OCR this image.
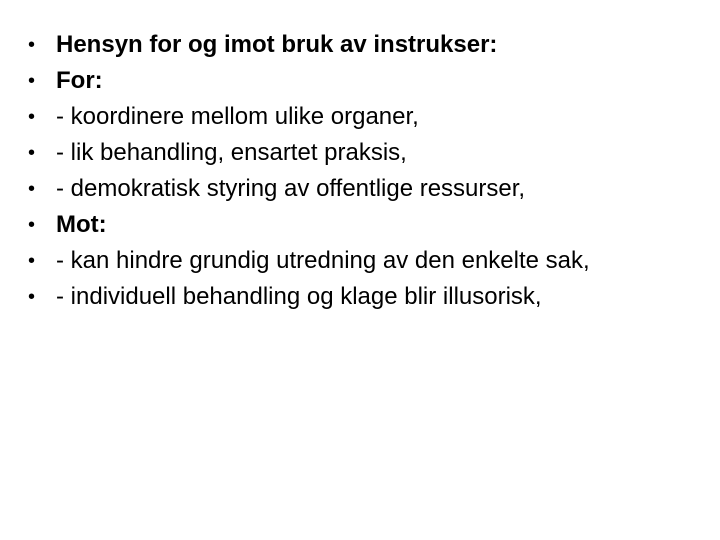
• Hensyn for og imot bruk av instrukser:
• For:
• - koordinere mellom ulike organer,
• - lik behandling, ensartet praksis,
• - demokratisk styring av offentlige ressurser,
• Mot:
• - kan hindre grundig utredning av den enkelte sak,
• - individuell behandling og klage blir illusorisk,
